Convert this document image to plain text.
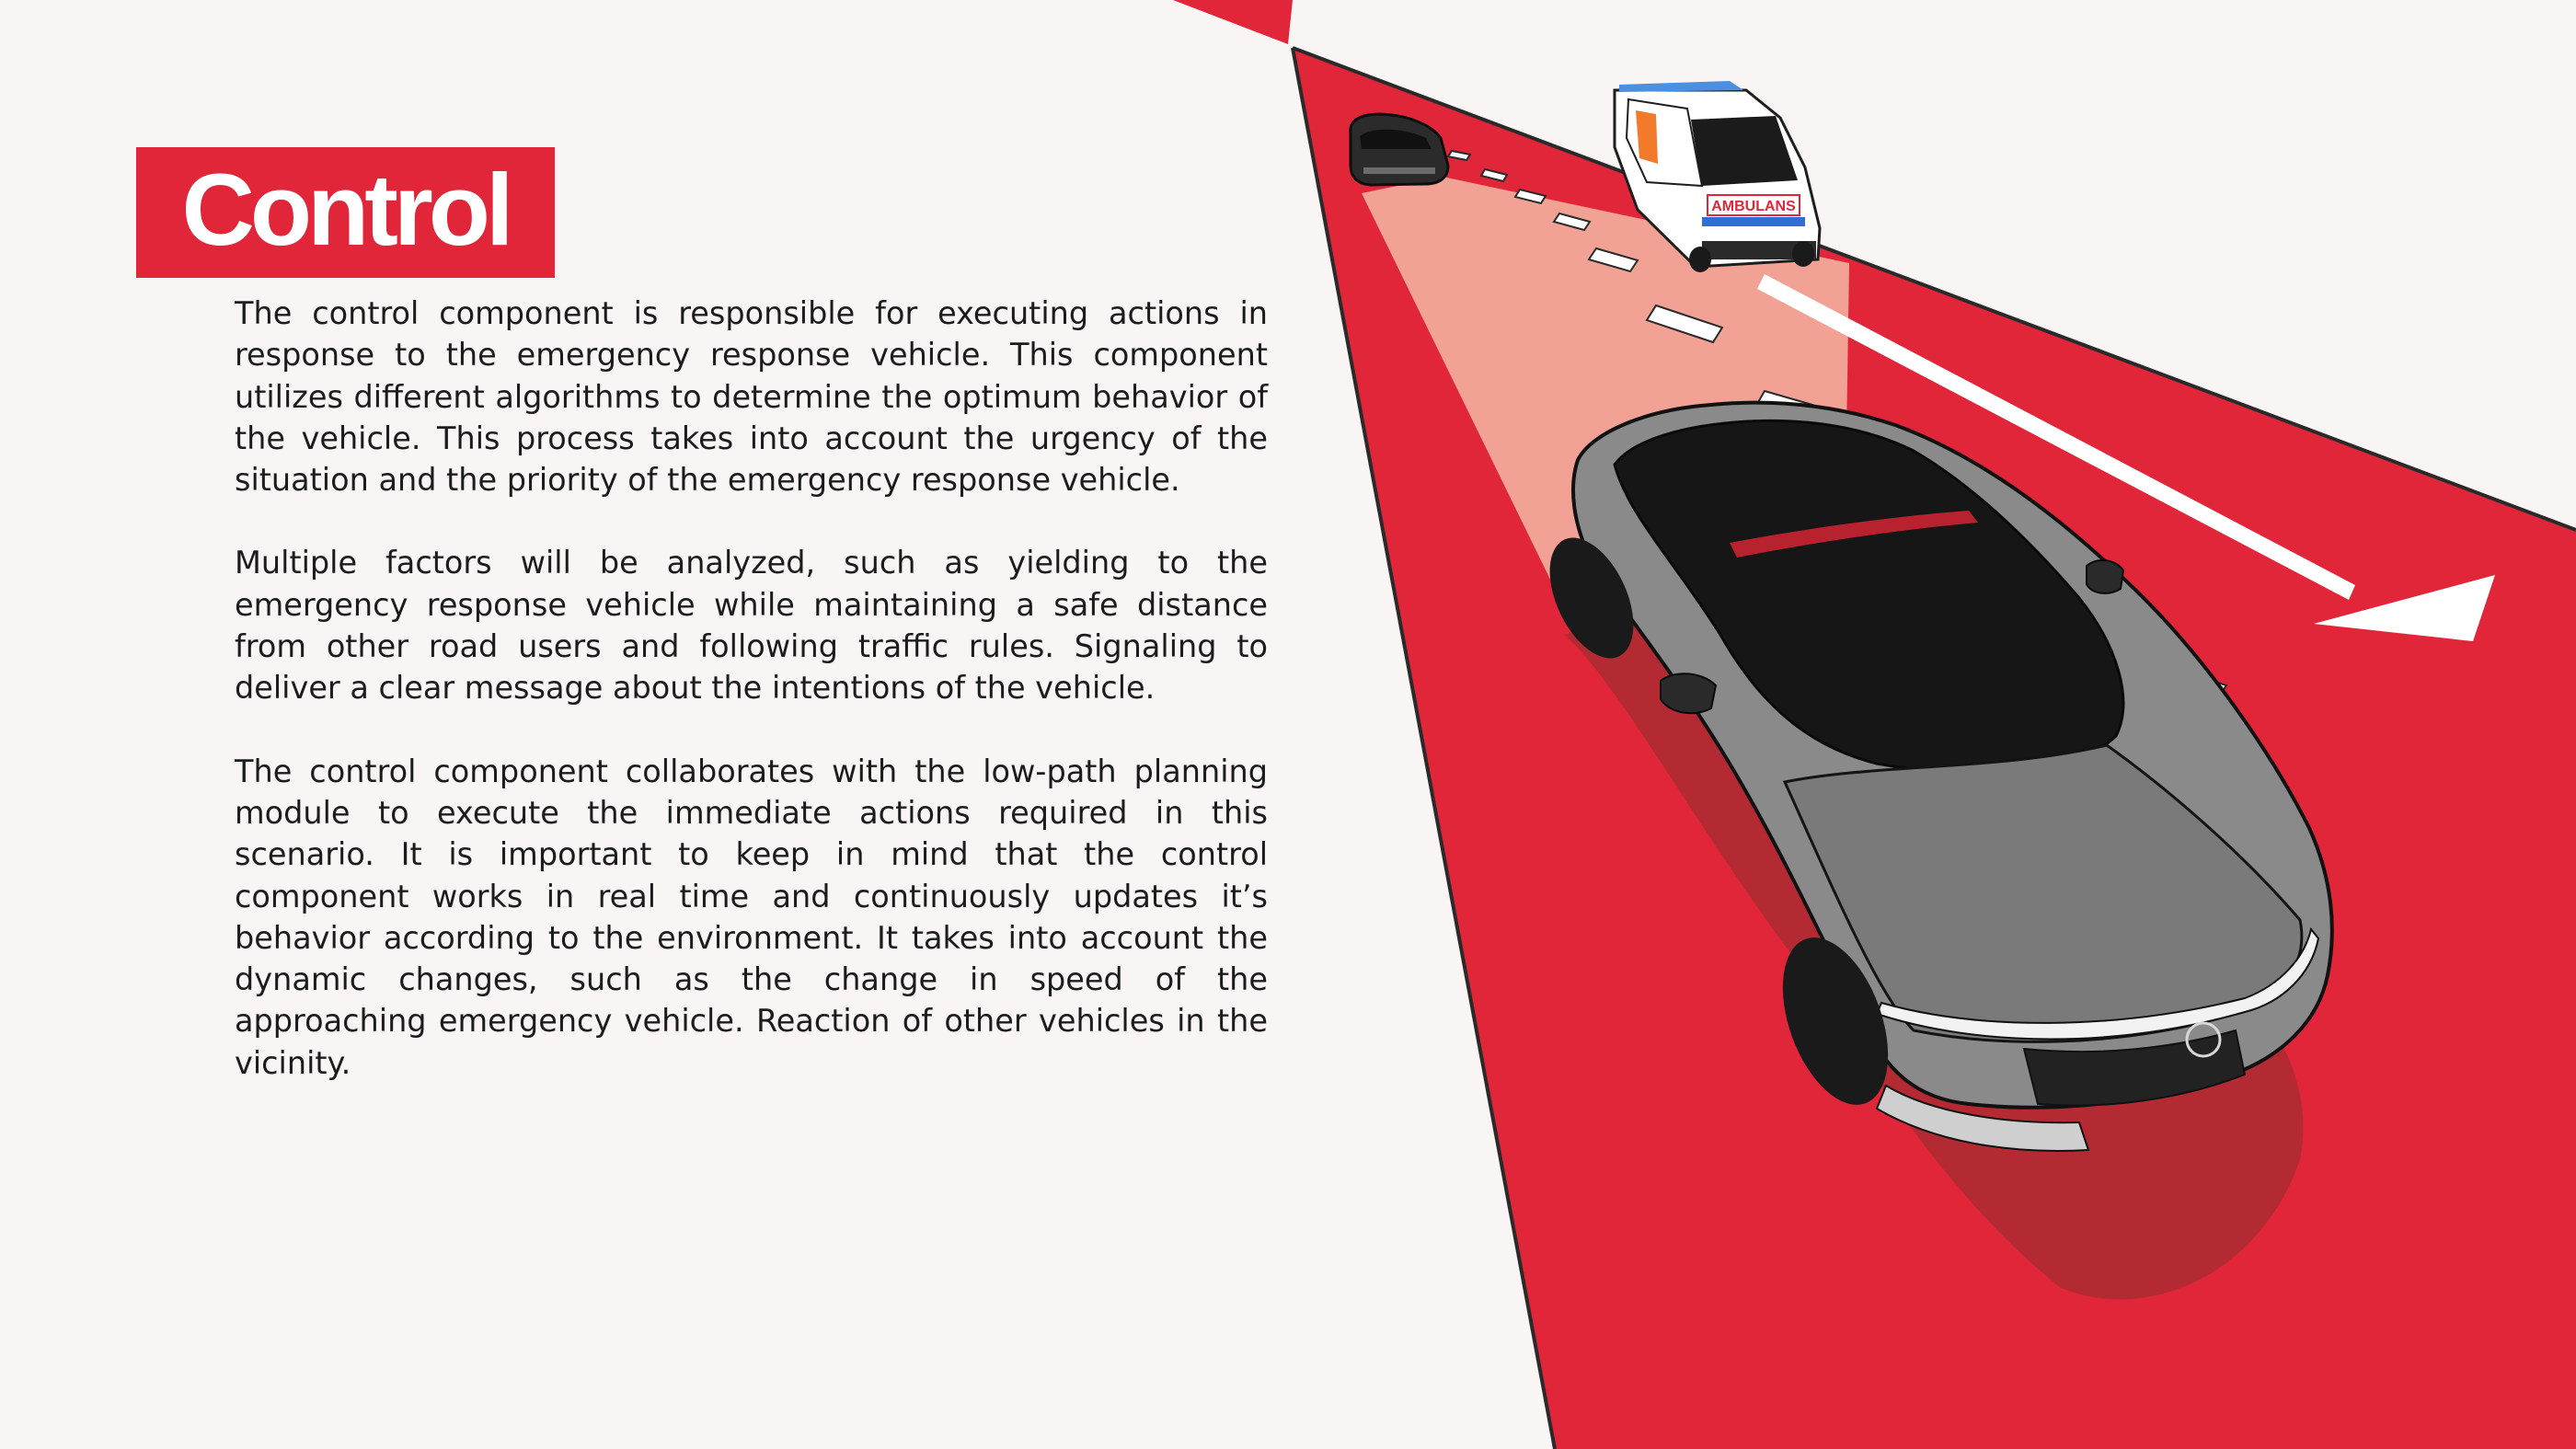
AMBULANS
Control

The control component is responsible for executing actions in response to the emergency response vehicle. This component utilizes different algorithms to determine the optimum behavior of the vehicle. This process takes into account the urgency of the situation and the priority of the emergency response vehicle.

Multiple factors will be analyzed, such as yielding to the emergency response vehicle while maintaining a safe distance from other road users and following traffic rules. Signaling to deliver a clear message about the intentions of the vehicle.

The control component collaborates with the low-path planning module to execute the immediate actions required in this scenario. It is important to keep in mind that the control component works in real time and continuously updates it’s behavior according to the environment. It takes into account the dynamic changes, such as the change in speed of the approaching emergency vehicle. Reaction of other vehicles in the vicinity.
